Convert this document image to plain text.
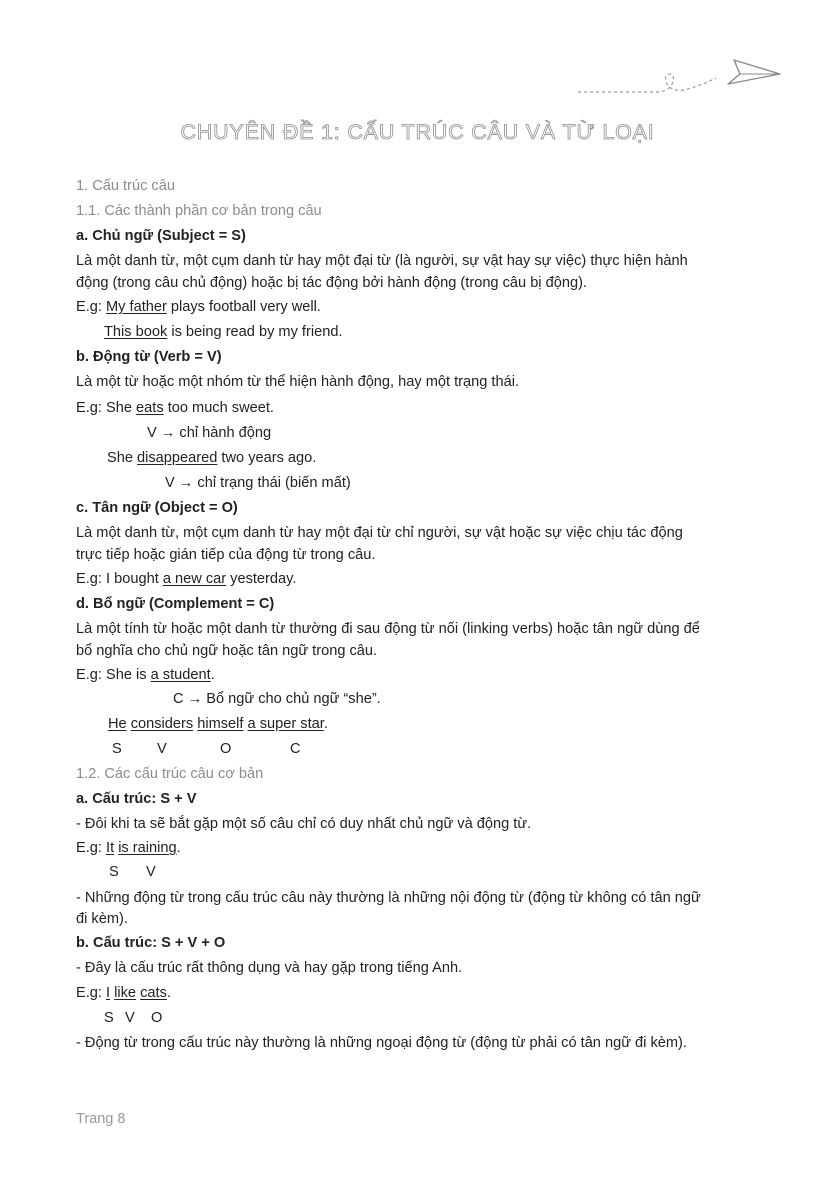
CHUYÊN ĐỀ 1: CẤU TRÚC CÂU VÀ TỪ LOẠI
1. Cấu trúc câu
1.1. Các thành phần cơ bản trong câu
a. Chủ ngữ (Subject = S)
Là một danh từ, một cụm danh từ hay một đại từ (là người, sự vật hay sự việc) thực hiện hành
động (trong câu chủ động) hoặc bị tác động bởi hành động (trong câu bị động).
E.g: My father plays football very well.
This book is being read by my friend.
b. Động từ (Verb = V)
Là một từ hoặc một nhóm từ thể hiện hành động, hay một trạng thái.
E.g: She eats too much sweet.
V → chỉ hành động
She disappeared two years ago.
V → chỉ trạng thái (biến mất)
c. Tân ngữ (Object = O)
Là một danh từ, một cụm danh từ hay một đại từ chỉ người, sự vật hoặc sự việc chịu tác động
trực tiếp hoặc gián tiếp của động từ trong câu.
E.g: I bought a new car yesterday.
d. Bổ ngữ (Complement = C)
Là một tính từ hoặc một danh từ thường đi sau động từ nối (linking verbs) hoặc tân ngữ dùng để
bổ nghĩa cho chủ ngữ hoặc tân ngữ trong câu.
E.g: She is a student.
C → Bổ ngữ cho chủ ngữ “she”.
He considers himself a super star.
S V	O	C
1.2. Các cấu trúc câu cơ bản
a. Cấu trúc: S + V
- Đôi khi ta sẽ bắt gặp một số câu chỉ có duy nhất chủ ngữ và động từ.
E.g: It is raining.
S V
- Những động từ trong cấu trúc câu này thường là những nội động từ (động từ không có tân ngữ
đi kèm).
b. Cấu trúc: S + V + O
- Đây là cấu trúc rất thông dụng và hay gặp trong tiếng Anh.
E.g: I like cats.
S V O
- Động từ trong cấu trúc này thường là những ngoại động từ (động từ phải có tân ngữ đi kèm).
Trang 8
